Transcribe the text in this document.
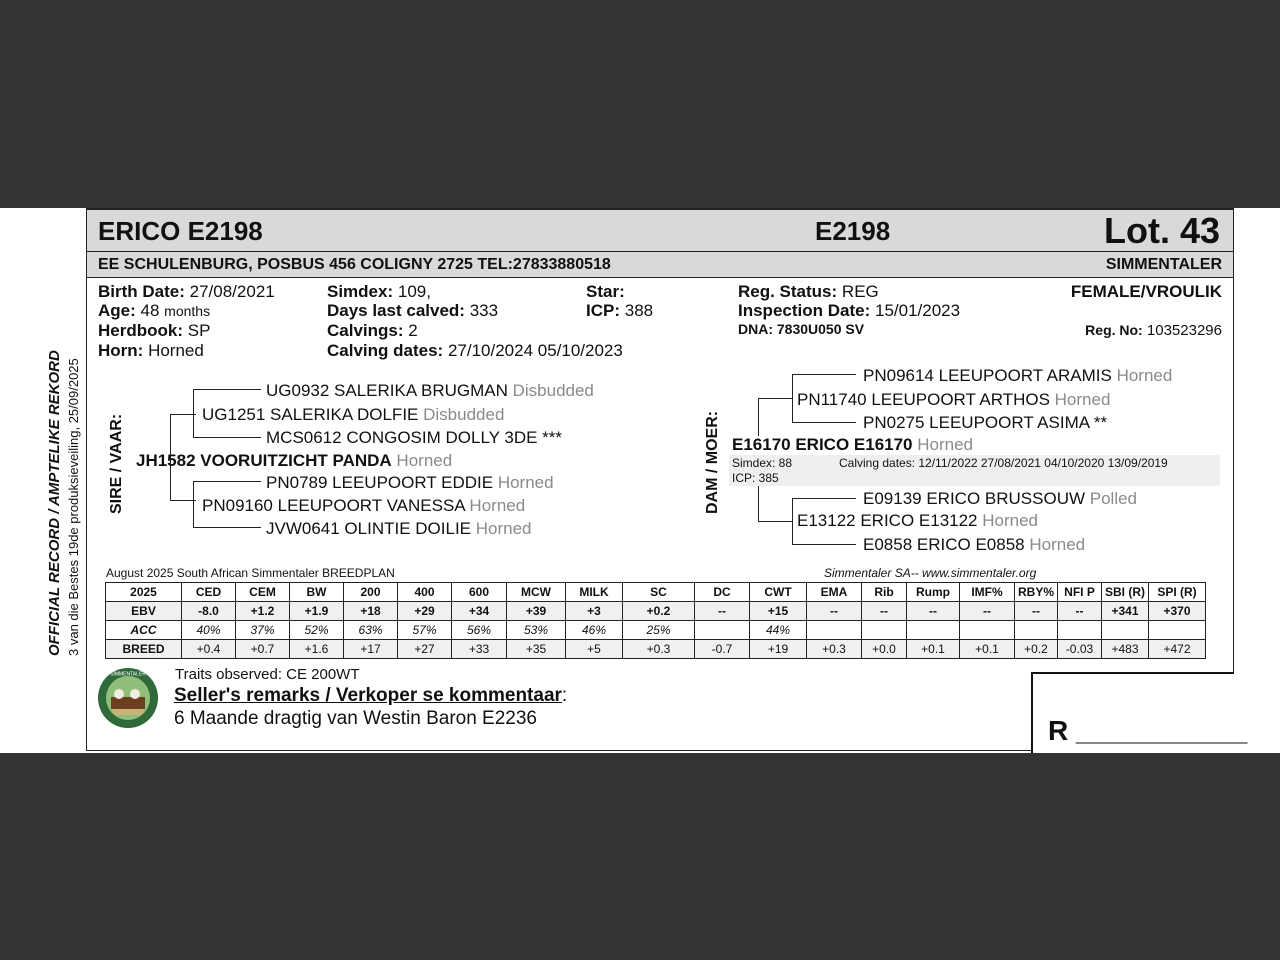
OFFICIAL RECORD / AMPTELIKE REKORD 3 van die Bestes 19de produksieveiling, 25/09/2025
ERICO E2198	E2198	Lot. 43
EE SCHULENBURG, POSBUS 456 COLIGNY 2725 TEL:27833880518	SIMMENTALER
Birth Date: 27/08/2021
Age: 48 months
Herdbook: SP
Horn: Horned
Simdex: 109,
Days last calved: 333
Calvings: 2
Calving dates: 27/10/2024 05/10/2023
Star:
ICP: 388
Reg. Status: REG
Inspection Date: 15/01/2023
DNA: 7830U050 SV
FEMALE/VROULIK
Reg. No: 103523296
SIRE / VAAR:
UG0932 SALERIKA BRUGMAN Disbudded
UG1251 SALERIKA DOLFIE Disbudded
MCS0612 CONGOSIM DOLLY 3DE ***
JH1582 VOORUITZICHT PANDA Horned
PN0789 LEEUPOORT EDDIE Horned
PN09160 LEEUPOORT VANESSA Horned
JVW0641 OLINTIE DOILIE Horned
DAM / MOER:
PN09614 LEEUPOORT ARAMIS Horned
PN11740 LEEUPOORT ARTHOS Horned
PN0275 LEEUPOORT ASIMA **
E16170 ERICO E16170 Horned
Simdex: 88
ICP: 385
Calving dates: 12/11/2022 27/08/2021 04/10/2020 13/09/2019
E09139 ERICO BRUSSOUW Polled
E13122 ERICO E13122 Horned
E0858 ERICO E0858 Horned
August 2025 South African Simmentaler BREEDPLAN	Simmentaler SA-- www.simmentaler.org
2025	CED	CEM	BW	200	400	600	MCW	MILK	SC	DC	CWT	EMA	Rib	Rump	IMF%	RBY%	NFI P	SBI (R)	SPI (R)
EBV	-8.0	+1.2	+1.9	+18	+29	+34	+39	+3	+0.2	--	+15	--	--	--	--	--	--	+341	+370
ACC	40%	37%	52%	63%	57%	56%	53%	46%	25%		44%								
BREED	+0.4	+0.7	+1.6	+17	+27	+33	+35	+5	+0.3	-0.7	+19	+0.3	+0.0	+0.1	+0.1	+0.2	-0.03	+483	+472
SIMMENTALER Traits observed: CE 200WT
Seller's remarks / Verkoper se kommentaar:
6 Maande dragtig van Westin Baron E2236	R ___________
